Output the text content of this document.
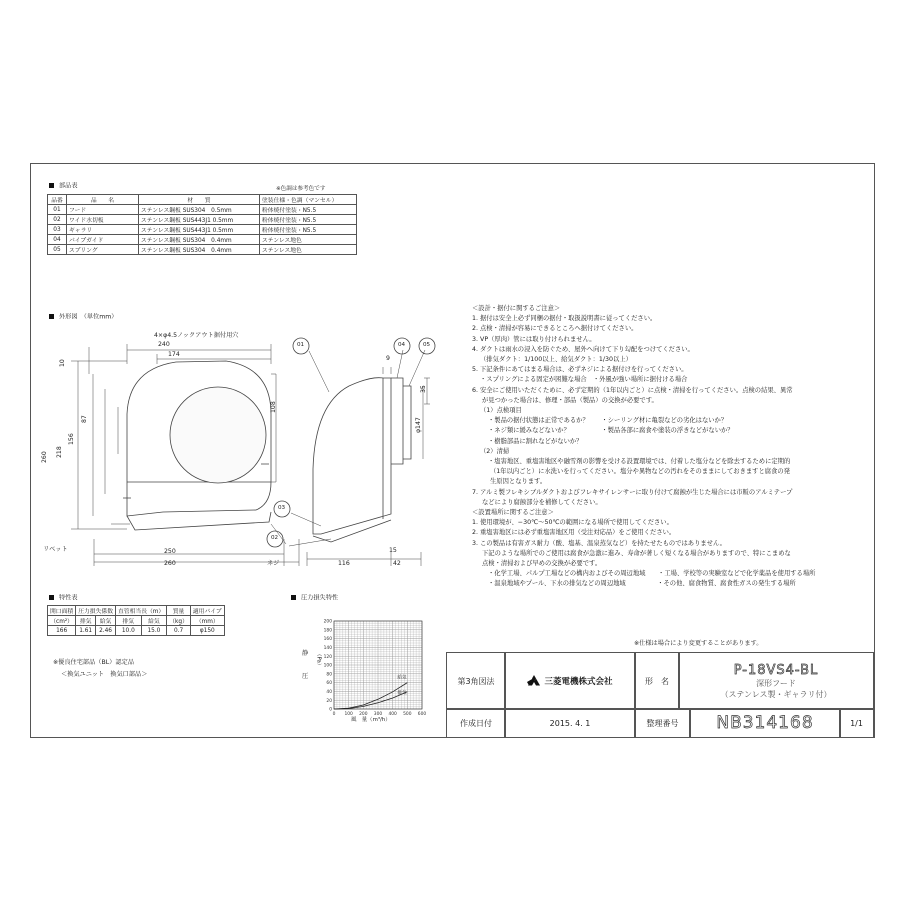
部品表	※色調は参考色です
品番	品　　名	材　　質	塗装仕様・色調（マンセル）
01	フード	ステンレス鋼板 SUS304　0.5mm	粉体焼付塗装・N5.5
02	ワイド水切板	ステンレス鋼板 SUS443J1 0.5mm	粉体焼付塗装・N5.5
03	ギャラリ	ステンレス鋼板 SUS443J1 0.5mm	粉体焼付塗装・N5.5
04	パイプガイド	ステンレス鋼板 SUS304　0.4mm	ステンレス地色
05	スプリング	ステンレス鋼板 SUS304　0.4mm	ステンレス地色
外形図　 （単位mm）
4×φ4.5ノックアウト据付用穴
240
174
10
260 218
156
87
108
250
260
9
35
φ147
116
15
42
リベット
ネジ
01	04	05
03
02
特性表
開口面積	圧力損失係数		直管相当長（m）		質量	適用パイプ
（cm²）	排気	給気	排気	給気	（kg）	（mm）
166	1.61	2.46	10.0	15.0	0.7	φ150
※優良住宅部品（BL）認定品
＜換気ユニット　換気口部品＞
圧力損失特性
静
圧
（Pa）
風　量（m³/h）
0
20
40
60
80
100
120
140
160
180
200
0 100 200 300 400 500 600
給気
排気
＜設計・据付に関するご注意＞
1. 据付は安全上必ず同梱の据付・取扱説明書に従ってください。
2. 点検・清掃が容易にできるところへ据付けてください。
3. VP（厚肉）管には取り付けられません。
4. ダクトは雨水の浸入を防ぐため、屋外へ向けて下り勾配をつけてください。
（排気ダクト：1/100以上、給気ダクト：1/30以上）
5. 下記条件にあてはまる場合は、必ずネジによる据付けを行ってください。
・スプリングによる固定が困難な場合　・外風が強い場所に据付ける場合
6. 安全にご使用いただくために、必ず定期的（1年以内ごと）に点検・清掃を行ってください。点検の結果、異常
が見つかった場合は、修理・部品（製品）の交換が必要です。
（1）点検項目
・製品の据付状態は正常であるか？　　・シーリング材に亀裂などの劣化はないか？
・ネジ類に緩みなどないか？　　　　　・製品各部に腐食や塗装の浮きなどがないか？
・樹脂部品に割れなどがないか？
（2）清掃
・塩害地区、重塩害地区や融雪剤の影響を受ける設置環境では、付着した塩分などを除去するために定期的
（1年以内ごと）に水洗いを行ってください。塩分や異物などの汚れをそのままにしておきますと腐食の発
生原因となります。
7. アルミ製フレキシブルダクトおよびフレキサイレンサーに取り付けて腐蝕が生じた場合には市販のアルミテープ
などにより腐蝕部分を補修してください。
＜設置場所に関するご注意＞
1. 使用環境が、−30℃〜50℃の範囲になる場所で使用してください。
2. 重塩害地区には必ず重塩害地区用（受注対応品）をご使用ください。
3. この製品は有害ガス耐力（酸、塩基、温泉蒸気など）を持たせたものではありません。
下記のような場所でのご使用は腐食が急激に進み、寿命が著しく短くなる場合がありますので、特にこまめな
点検・清掃および早めの交換が必要です。
・化学工場、パルプ工場などの構内およびその周辺地域　　・工場、学校等の実験室などで化学薬品を使用する場所
・温泉地域やプール、下水の排気などの周辺地域　　　　　・その他、腐食物質、腐食性ガスの発生する場所
※仕様は場合により変更することがあります。
第3角図法	三菱電機株式会社	形　名
P-18VS4-BL
深形フード
（ステンレス製・ギャラリ付）
作成日付	2015. 4. 1	整理番号	NB314168	1/1
